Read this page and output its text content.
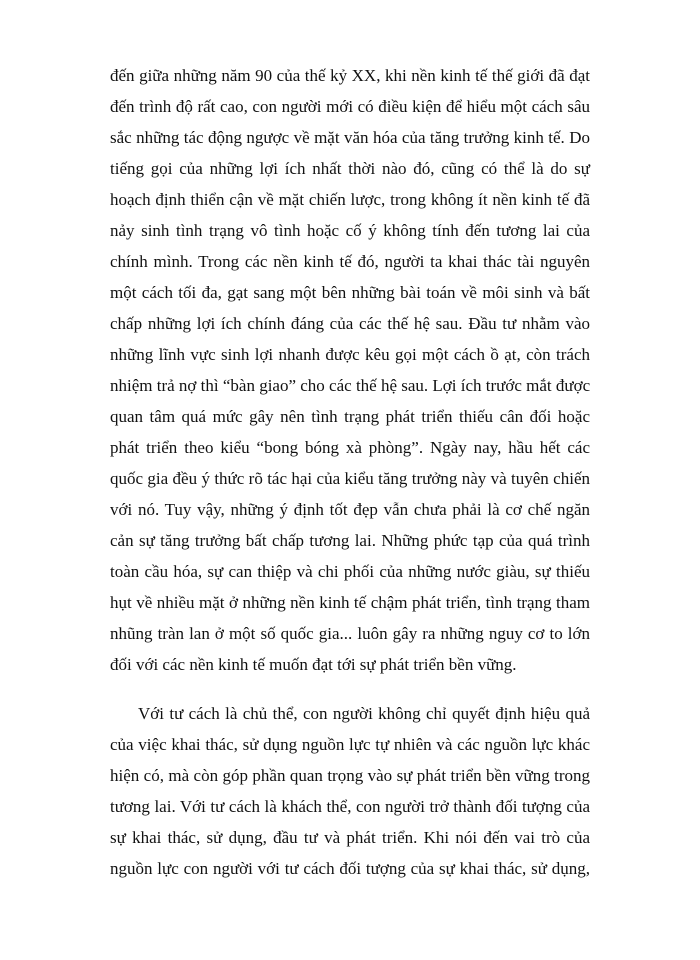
đến giữa những năm 90 của thế kỷ XX, khi nền kinh tế thế giới đã đạt
đến trình độ rất cao, con người mới có điều kiện để hiểu một cách sâu
sắc những tác động ngược về mặt văn hóa của tăng trưởng kinh tế. Do
tiếng gọi của những lợi ích nhất thời nào đó, cũng có thể là do sự
hoạch định thiển cận về mặt chiến lược, trong không ít nền kinh tế đã
nảy sinh tình trạng vô tình hoặc cố ý không tính đến tương lai của
chính mình. Trong các nền kinh tế đó, người ta khai thác tài nguyên
một cách tối đa, gạt sang một bên những bài toán về môi sinh và bất
chấp những lợi ích chính đáng của các thế hệ sau. Đầu tư nhằm vào
những lĩnh vực sinh lợi nhanh được kêu gọi một cách ồ ạt, còn trách
nhiệm trả nợ thì “bàn giao” cho các thế hệ sau. Lợi ích trước mắt được
quan tâm quá mức gây nên tình trạng phát triển thiếu cân đối hoặc
phát triển theo kiểu “bong bóng xà phòng”. Ngày nay, hầu hết các
quốc gia đều ý thức rõ tác hại của kiểu tăng trưởng này và tuyên chiến
với nó. Tuy vậy, những ý định tốt đẹp vẫn chưa phải là cơ chế ngăn
cản sự tăng trưởng bất chấp tương lai. Những phức tạp của quá trình
toàn cầu hóa, sự can thiệp và chi phối của những nước giàu, sự thiếu
hụt về nhiều mặt ở những nền kinh tế chậm phát triển, tình trạng tham
nhũng tràn lan ở một số quốc gia... luôn gây ra những nguy cơ to lớn
đối với các nền kinh tế muốn đạt tới sự phát triển bền vững.
Với tư cách là chủ thể, con người không chỉ quyết định hiệu quả
của việc khai thác, sử dụng nguồn lực tự nhiên và các nguồn lực khác
hiện có, mà còn góp phần quan trọng vào sự phát triển bền vững trong
tương lai. Với tư cách là khách thể, con người trở thành đối tượng của
sự khai thác, sử dụng, đầu tư và phát triển. Khi nói đến vai trò của
nguồn lực con người với tư cách đối tượng của sự khai thác, sử dụng,
